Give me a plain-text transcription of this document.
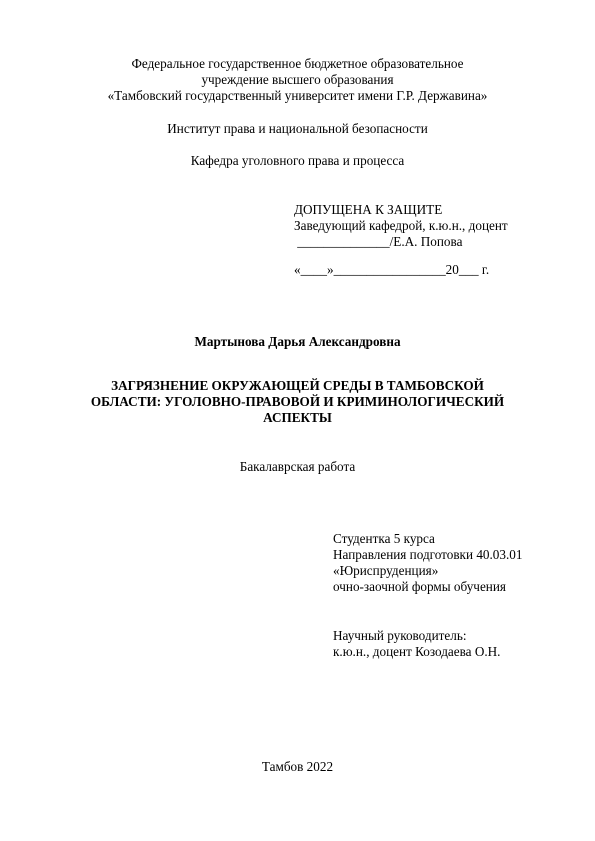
Федеральное государственное бюджетное образовательное
учреждение высшего образования
«Тамбовский государственный университет имени Г.Р. Державина»
Институт права и национальной безопасности
Кафедра уголовного права и процесса
ДОПУЩЕНА К ЗАЩИТЕ
Заведующий кафедрой, к.ю.н., доцент
______________/Е.А. Попова
«____»_________________20___ г.
Мартынова Дарья Александровна
ЗАГРЯЗНЕНИЕ ОКРУЖАЮЩЕЙ СРЕДЫ В ТАМБОВСКОЙ
ОБЛАСТИ: УГОЛОВНО-ПРАВОВОЙ И КРИМИНОЛОГИЧЕСКИЙ
АСПЕКТЫ
Бакалаврская работа
Студентка 5 курса
Направления подготовки 40.03.01
«Юриспруденция»
очно-заочной формы обучения
Научный руководитель:
к.ю.н., доцент Козодаева О.Н.
Тамбов 2022
